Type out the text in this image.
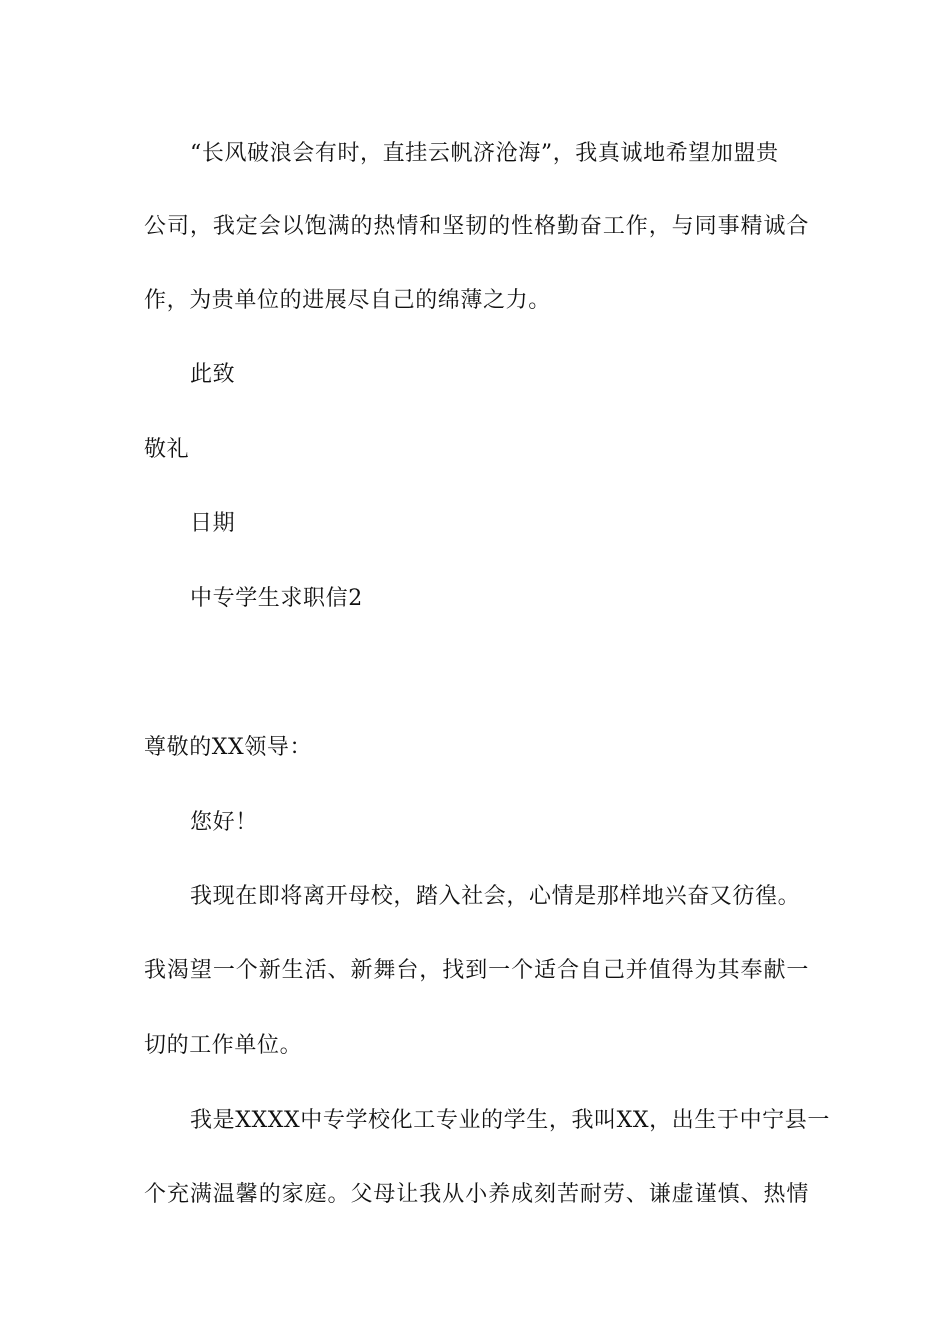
“长风破浪会有时，直挂云帆济沧海”，我真诚地希望加盟贵
公司，我定会以饱满的热情和坚韧的性格勤奋工作，与同事精诚合
作，为贵单位的进展尽自己的绵薄之力。
此致
敬礼
日期
中专学生求职信2
尊敬的XX领导：
您好！
我现在即将离开母校，踏入社会，心情是那样地兴奋又彷徨。
我渴望一个新生活、新舞台，找到一个适合自己并值得为其奉献一
切的工作单位。
我是XXXX中专学校化工专业的学生，我叫XX，出生于中宁县一
个充满温馨的家庭。父母让我从小养成刻苦耐劳、谦虚谨慎、热情
